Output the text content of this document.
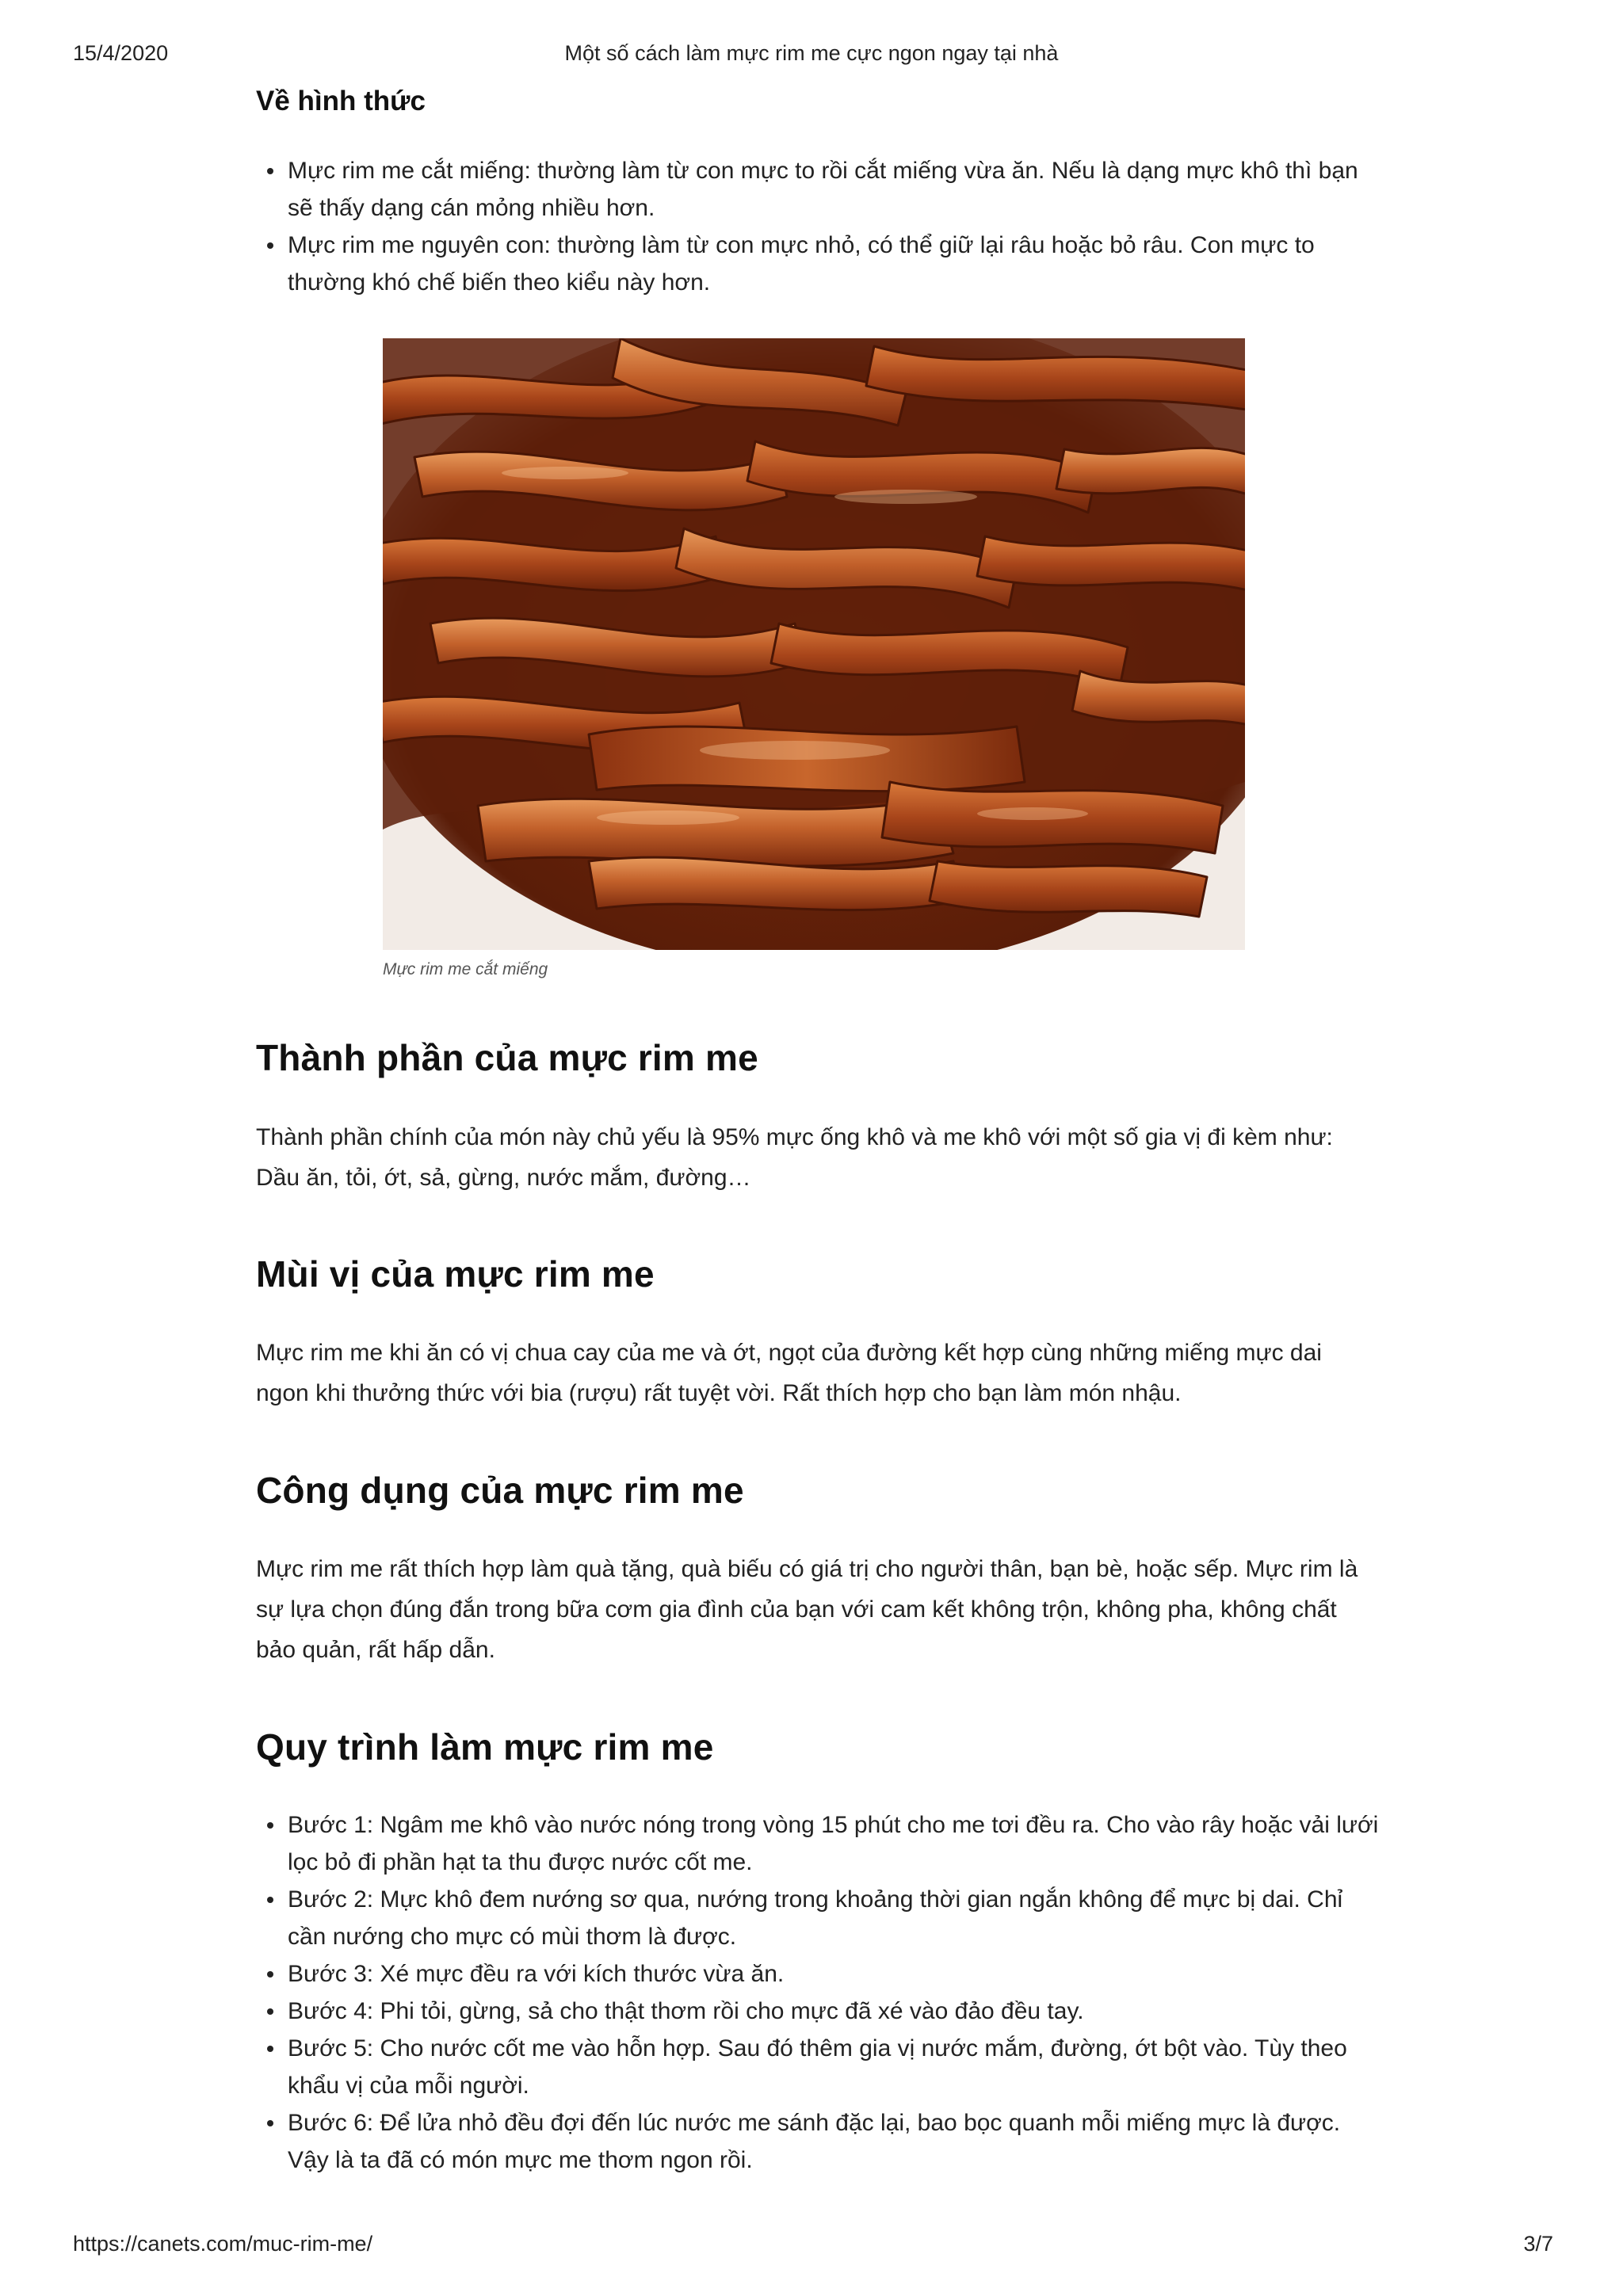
15/4/2020	Một số cách làm mực rim me cực ngon ngay tại nhà
Về hình thức
Mực rim me cắt miếng: thường làm từ con mực to rồi cắt miếng vừa ăn. Nếu là dạng mực khô thì bạn sẽ thấy dạng cán mỏng nhiều hơn.
Mực rim me nguyên con: thường làm từ con mực nhỏ, có thể giữ lại râu hoặc bỏ râu. Con mực to thường khó chế biến theo kiểu này hơn.
Thành phần của mực rim me

Thành phần chính của món này chủ yếu là 95% mực ống khô và me khô với một số gia vị đi kèm như: Dầu ăn, tỏi, ớt, sả, gừng, nước mắm, đường…

Mùi vị của mực rim me

Mực rim me khi ăn có vị chua cay của me và ớt, ngọt của đường kết hợp cùng những miếng mực dai ngon khi thưởng thức với bia (rượu) rất tuyệt vời. Rất thích hợp cho bạn làm món nhậu.

Công dụng của mực rim me

Mực rim me rất thích hợp làm quà tặng, quà biếu có giá trị cho người thân, bạn bè, hoặc sếp. Mực rim là sự lựa chọn đúng đắn trong bữa cơm gia đình của bạn với cam kết không trộn, không pha, không chất bảo quản, rất hấp dẫn.

Quy trình làm mực rim me
Bước 1: Ngâm me khô vào nước nóng trong vòng 15 phút cho me tơi đều ra. Cho vào rây hoặc vải lưới lọc bỏ đi phần hạt ta thu được nước cốt me.
Bước 2: Mực khô đem nướng sơ qua, nướng trong khoảng thời gian ngắn không để mực bị dai. Chỉ cần nướng cho mực có mùi thơm là được.
Bước 3: Xé mực đều ra với kích thước vừa ăn.
Bước 4: Phi tỏi, gừng, sả cho thật thơm rồi cho mực đã xé vào đảo đều tay.
Bước 5: Cho nước cốt me vào hỗn hợp. Sau đó thêm gia vị nước mắm, đường, ớt bột vào. Tùy theo khẩu vị của mỗi người.
Bước 6: Để lửa nhỏ đều đợi đến lúc nước me sánh đặc lại, bao bọc quanh mỗi miếng mực là được. Vậy là ta đã có món mực me thơm ngon rồi.
Mực rim me cắt miếng
https://canets.com/muc-rim-me/	3/7
